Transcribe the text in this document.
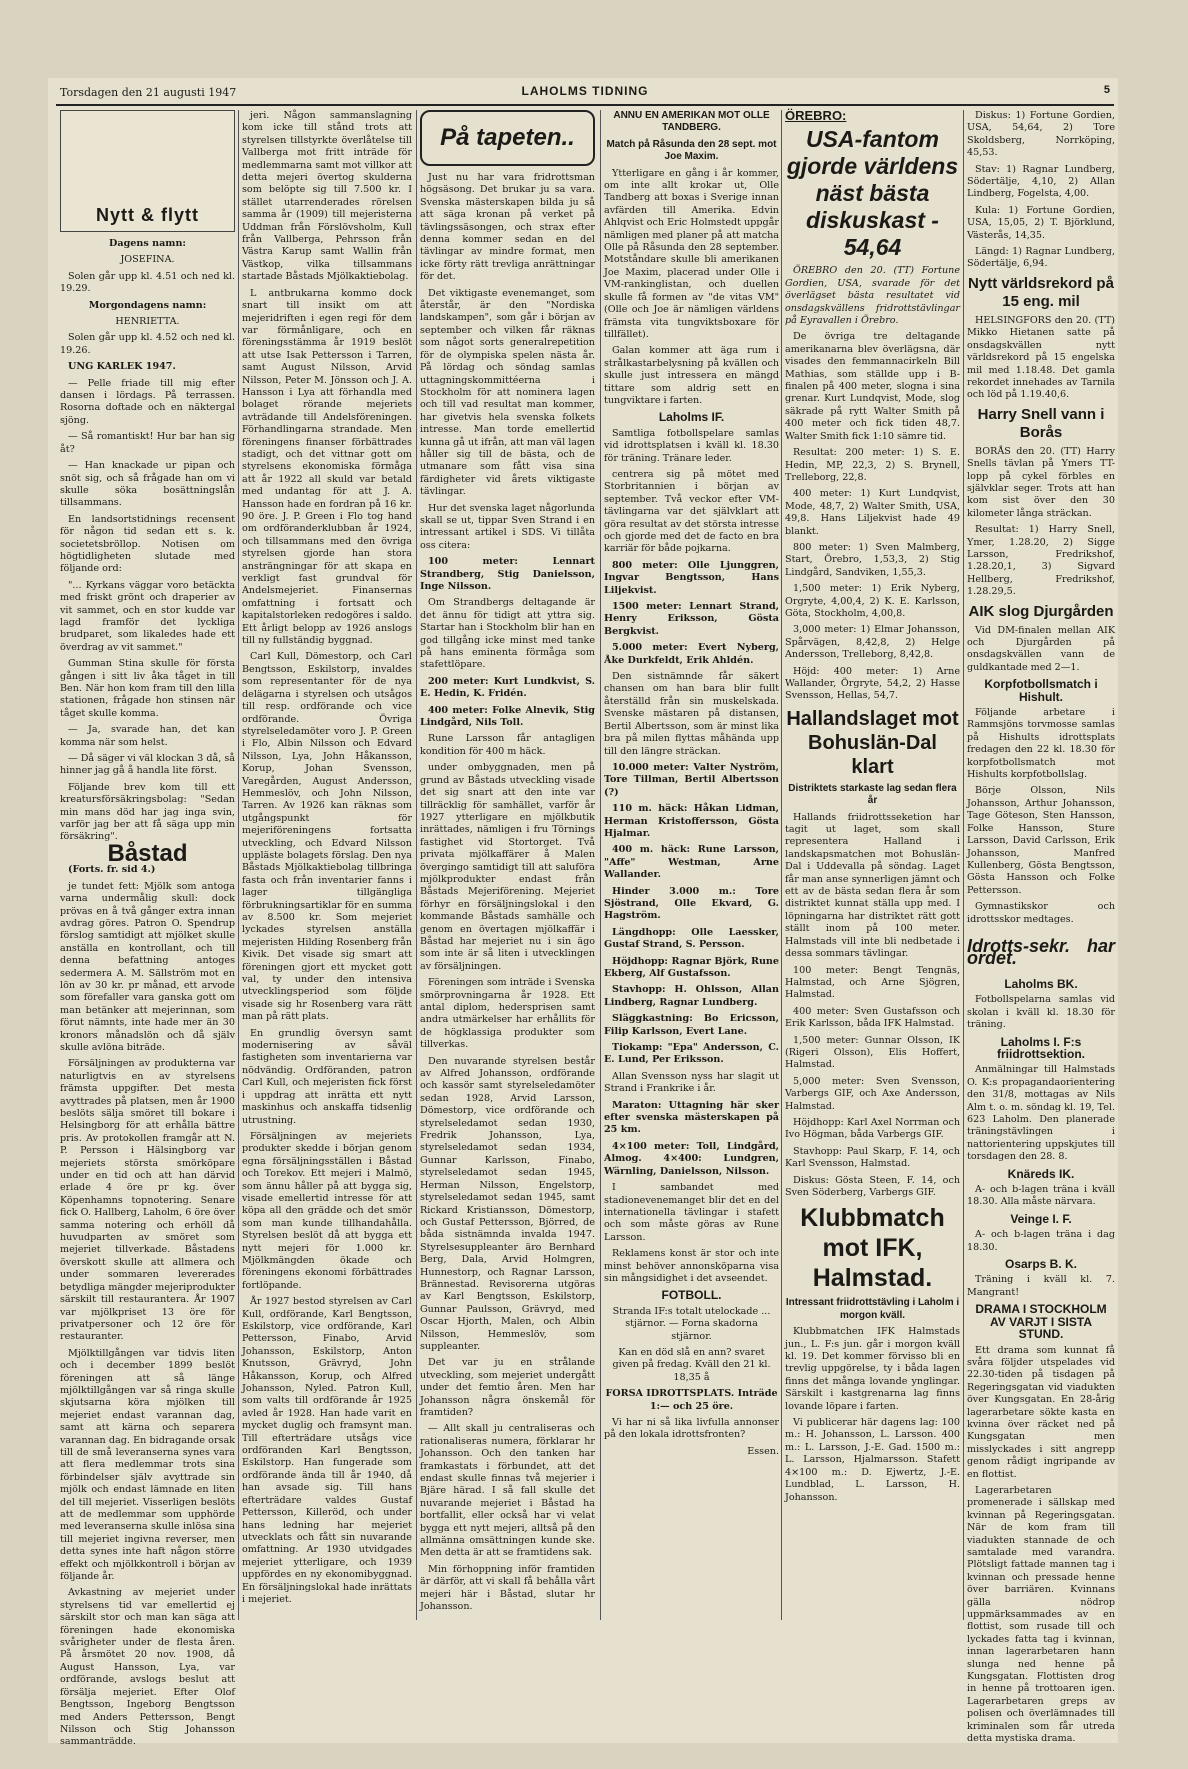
Torsdagen den 21 augusti 1947	LAHOLMS TIDNING	5
Nytt & flytt

Dagens namn:

JOSEFINA.

Solen går upp kl. 4.51 och ned kl. 19.29.

Morgondagens namn:

HENRIETTA.

Solen går upp kl. 4.52 och ned kl. 19.26.

UNG KARLEK 1947.

— Pelle friade till mig efter dansen i lördags. På terrassen. Rosorna doftade och en näktergal sjöng.

— Så romantiskt! Hur bar han sig åt?

— Han knackade ur pipan och snöt sig, och så frågade han om vi skulle söka bosättningslån tillsammans.

En landsortstidnings recensent för någon tid sedan ett s. k. societetsbröllop. Notisen om högtidligheten slutade med följande ord:

"... Kyrkans väggar voro betäckta med friskt grönt och draperier av vit sammet, och en stor kudde var lagd framför det lyckliga brudparet, som likaledes hade ett överdrag av vit sammet."

Gumman Stina skulle för första gången i sitt liv åka tåget in till Ben. När hon kom fram till den lilla stationen, frågade hon stinsen när tåget skulle komma.

— Ja, svarade han, det kan komma när som helst.

— Då säger vi väl klockan 3 då, så hinner jag gå å handla lite först.

Följande brev kom till ett kreatursförsäkringsbolag: "Sedan min mans död har jag inga svin, varför jag ber att få säga upp min försäkring".

Båstad

(Forts. fr. sid 4.)

je tundet fett: Mjölk som antoga varna undermålig skull: dock prövas en å två gånger extra innan avdrag göres. Patron O. Spendrup förslog samtidigt att mjölket skulle anställa en kontrollant, och till denna befattning antoges sedermera A. M. Sällström mot en lön av 30 kr. pr månad, ett arvode som förefaller vara ganska gott om man betänker att mejerinnan, som förut nämnts, inte hade mer än 30 kronors månadslön och då själv skulle avlöna biträde.

Försäljningen av produkterna var naturligtvis en av styrelsens främsta uppgifter. Det mesta avyttrades på platsen, men år 1900 beslöts sälja smöret till bokare i Helsingborg för att erhålla bättre pris. Av protokollen framgår att N. P. Persson i Hälsingborg var mejeriets största smörköpare under en tid och att han därvid erlade 4 öre pr kg. över Köpenhamns topnotering. Senare fick O. Hallberg, Laholm, 6 öre över samma notering och erhöll då huvudparten av smöret som mejeriet tillverkade. Båstadens överskott skulle att allmera och under sommaren levererades betydliga mängder mejeriprodukter särskilt till restaurantera. År 1907 var mjölkpriset 13 öre för privatpersoner och 12 öre för restauranter.

Mjölktillgången var tidvis liten och i december 1899 beslöt föreningen att så länge mjölktillgången var så ringa skulle skjutsarna köra mjölken till mejeriet endast varannan dag, samt att kärna och separera varannan dag. En bidragande orsak till de små leveranserna synes vara att flera medlemmar trots sina förbindelser själv avyttrade sin mjölk och endast lämnade en liten del till mejeriet. Visserligen beslöts att de medlemmar som upphörde med leveranserna skulle inlösa sina till mejeriet ingivna reverser, men detta synes inte haft någon större effekt och mjölkkontroll i början av följande år.

Avkastning av mejeriet under styrelsens tid var emellertid ej särskilt stor och man kan säga att föreningen hade ekonomiska svårigheter under de flesta åren. På årsmötet 20 nov. 1908, då August Hansson, Lya, var ordförande, avslogs beslut att försälja mejeriet. Efter Olof Bengtsson, Ingeborg Bengtsson med Anders Pettersson, Bengt Nilsson och Stig Johansson sammanträdde.

jeri. Någon sammanslagning kom icke till stånd trots att styrelsen tillstyrkte överlåtelse till Vallberga mot fritt inträde för medlemmarna samt mot villkor att detta mejeri övertog skulderna som belöpte sig till 7.500 kr. I stället utarrenderades rörelsen samma år (1909) till mejeristerna Uddman från Förslövsholm, Kull från Vallberga, Pehrsson från Västra Karup samt Wallin från Västkop, vilka tillsammans startade Båstads Mjölkaktiebolag.

L antbrukarna kommo dock snart till insikt om att mejeridriften i egen regi för dem var förmånligare, och en föreningsstämma år 1919 beslöt att utse Isak Pettersson i Tarren, samt August Nilsson, Arvid Nilsson, Peter M. Jönsson och J. A. Hansson i Lya att förhandla med bolaget rörande mejeriets avträdande till Andelsföreningen. Förhandlingarna strandade. Men föreningens finanser förbättrades stadigt, och det vittnar gott om styrelsens ekonomiska förmåga att år 1922 all skuld var betald med undantag för att J. A. Hansson hade en fordran på 16 kr. 90 öre. J. P. Green i Flo tog hand om ordföranderklubban år 1924, och tillsammans med den övriga styrelsen gjorde han stora ansträngningar för att skapa en verkligt fast grundval för Andelsmejeriet. Finansernas omfattning i fortsatt och kapitalstorleken redogöres i saldo. Ett årligt belopp av 1926 anslogs till ny fullständig byggnad.

Carl Kull, Dömestorp, och Carl Bengtsson, Eskilstorp, invaldes som representanter för de nya delägarna i styrelsen och utsågos till resp. ordförande och vice ordförande. Övriga styrelseledamöter voro J. P. Green i Flo, Albin Nilsson och Edvard Nilsson, Lya, John Håkansson, Korup, Johan Svensson, Varegården, August Andersson, Hemmeslöv, och John Nilsson, Tarren. Av 1926 kan räknas som utgångspunkt för mejeriföreningens fortsatta utveckling, och Edvard Nilsson uppläste bolagets förslag. Den nya Båstads Mjölkaktiebolag tillbringa fasta och från inventarier fanns i lager tillgängliga förbrukningsartiklar för en summa av 8.500 kr. Som mejeriet lyckades styrelsen anställa mejeristen Hilding Rosenberg från Kivik. Det visade sig smart att föreningen gjort ett mycket gott val, ty under den intensiva utvecklingsperiod som följde visade sig hr Rosenberg vara rätt man på rätt plats.

En grundlig översyn samt modernisering av såväl fastigheten som inventarierna var nödvändig. Ordföranden, patron Carl Kull, och mejeristen fick först i uppdrag att inrätta ett nytt maskinhus och anskaffa tidsenlig utrustning.

Försäljningen av mejeriets produkter skedde i början genom egna försäljningsställen i Båstad och Torekov. Ett mejeri i Malmö, som ännu håller på att bygga sig, visade emellertid intresse för att köpa all den grädde och det smör som man kunde tillhandahålla. Styrelsen beslöt då att bygga ett nytt mejeri för 1.000 kr. Mjölkmängden ökade och föreningens ekonomi förbättrades fortlöpande.

År 1927 bestod styrelsen av Carl Kull, ordförande, Karl Bengtsson, Eskilstorp, vice ordförande, Karl Pettersson, Finabo, Arvid Johansson, Eskilstorp, Anton Knutsson, Grävryd, John Håkansson, Korup, och Alfred Johansson, Nyled. Patron Kull, som valts till ordförande år 1925 avled år 1928. Han hade varit en mycket duglig och framsynt man. Till efterträdare utsågs vice ordföranden Karl Bengtsson, Eskilstorp. Han fungerade som ordförande ända till år 1940, då han avsade sig. Till hans efterträdare valdes Gustaf Pettersson, Killeröd, och under hans ledning har mejeriet utvecklats och fått sin nuvarande omfattning. Ar 1930 utvidgades mejeriet ytterligare, och 1939 uppfördes en ny ekonomibyggnad. En försäljningslokal hade inrättats i mejeriet.

På tapeten..

Just nu har vara fridrottsman högsäsong. Det brukar ju sa vara. Svenska mästerskapen bilda ju så att säga kronan på verket på tävlingssäsongen, och strax efter denna kommer sedan en del tävlingar av mindre format, men icke förty rätt trevliga anrättningar för det.

Det viktigaste evenemanget, som återstår, är den "Nordiska landskampen", som går i början av september och vilken får räknas som något sorts generalrepetition för de olympiska spelen nästa år. På lördag och söndag samlas uttagningskommittéerna i Stockholm för att nominera lagen och till vad resultat man kommer, har givetvis hela svenska folkets intresse. Man torde emellertid kunna gå ut ifrån, att man väl lagen håller sig till de bästa, och de utmanare som fått visa sina färdigheter vid årets viktigaste tävlingar.

Hur det svenska laget någorlunda skall se ut, tippar Sven Strand i en intressant artikel i SDS. Vi tillåta oss citera:

100 meter: Lennart Strandberg, Stig Danielsson, Inge Nilsson.

Om Strandbergs deltagande är det ännu för tidigt att yttra sig. Startar han i Stockholm blir han en god tillgång icke minst med tanke på hans eminenta förmåga som stafettlöpare.

200 meter: Kurt Lundkvist, S. E. Hedin, K. Fridén.

400 meter: Folke Alnevik, Stig Lindgård, Nils Toll.

Rune Larsson får antagligen kondition för 400 m häck.

under ombyggnaden, men på grund av Båstads utveckling visade det sig snart att den inte var tillräcklig för samhället, varför år 1927 ytterligare en mjölkbutik inrättades, nämligen i fru Törnings fastighet vid Stortorget. Två privata mjölkaffärer å Malen övergingo samtidigt till att saluföra mjölkprodukter endast från Båstads Mejeriförening. Mejeriet förhyr en försäljningslokal i den kommande Båstads samhälle och genom en övertagen mjölkaffär i Båstad har mejeriet nu i sin ägo som inte är så liten i utvecklingen av försäljningen.

Föreningen som inträde i Svenska smörprovningarna år 1928. Ett antal diplom, hedersprisen samt andra utmärkelser har erhållits för de högklassiga produkter som tillverkas.

Den nuvarande styrelsen består av Alfred Johansson, ordförande och kassör samt styrelseledamöter sedan 1928, Arvid Larsson, Dömestorp, vice ordförande och styrelseledamot sedan 1930, Fredrik Johansson, Lya, styrelseledamot sedan 1934, Gunnar Karlsson, Finabo, styrelseledamot sedan 1945, Herman Nilsson, Engelstorp, styrelseledamot sedan 1945, samt Rickard Kristiansson, Dömestorp, och Gustaf Pettersson, Björred, de båda sistnämnda invalda 1947. Styrelsesuppleanter äro Bernhard Berg, Dala, Arvid Holmgren, Hunnestorp, och Ragnar Larsson, Brännestad. Revisorerna utgöras av Karl Bengtsson, Eskilstorp, Gunnar Paulsson, Grävryd, med Oscar Hjorth, Malen, och Albin Nilsson, Hemmeslöv, som suppleanter.

Det var ju en strålande utveckling, som mejeriet undergått under det femtio åren. Men har Johansson några önskemål för framtiden?

— Allt skall ju centraliseras och rationaliseras numera, förklarar hr Johansson. Och den tanken har framkastats i förbundet, att det endast skulle finnas två mejerier i Bjäre härad. I så fall skulle det nuvarande mejeriet i Båstad ha bortfallit, eller också har vi velat bygga ett nytt mejeri, alltså på den allmänna omsättningen kunde ske. Men detta är att se framtidens sak.

Min förhoppning inför framtiden är därför, att vi skall få behålla vårt mejeri här i Båstad, slutar hr Johansson.

ANNU EN AMERIKAN MOT OLLE TANDBERG.

Match på Råsunda den 28 sept. mot Joe Maxim.

Ytterligare en gång i år kommer, om inte allt krokar ut, Olle Tandberg att boxas i Sverige innan avfärden till Amerika. Edvin Ahlqvist och Eric Holmstedt uppgår nämligen med planer på att matcha Olle på Råsunda den 28 september. Motståndare skulle bli amerikanen Joe Maxim, placerad under Olle i VM-rankinglistan, och duellen skulle få formen av "de vitas VM" (Olle och Joe är nämligen världens främsta vita tungviktsboxare för tillfället).

Galan kommer att äga rum i strålkastarbelysning på kvällen och skulle just intressera en mängd tittare som aldrig sett en tungviktare i farten.

Laholms IF.

Samtliga fotbollspelare samlas vid idrottsplatsen i kväll kl. 18.30 för träning. Tränare leder.

centrera sig på mötet med Storbritannien i början av september. Två veckor efter VM-tävlingarna var det självklart att göra resultat av det största intresse och gjorde med det de facto en bra karriär för både pojkarna.

800 meter: Olle Ljunggren, Ingvar Bengtsson, Hans Liljekvist.

1500 meter: Lennart Strand, Henry Eriksson, Gösta Bergkvist.

5.000 meter: Evert Nyberg, Åke Durkfeldt, Erik Ahldén.

Den sistnämnde får säkert chansen om han bara blir fullt återställd från sin muskelskada. Svenske mästaren på distansen, Bertil Albertsson, som är minst lika bra på milen flyttas måhända upp till den längre sträckan.

10.000 meter: Valter Nyström, Tore Tillman, Bertil Albertsson (?)

110 m. häck: Håkan Lidman, Herman Kristoffersson, Gösta Hjalmar.

400 m. häck: Rune Larsson, "Affe" Westman, Arne Wallander.

Hinder 3.000 m.: Tore Sjöstrand, Olle Ekvard, G. Hagström.

Längdhopp: Olle Laessker, Gustaf Strand, S. Persson.

Höjdhopp: Ragnar Björk, Rune Ekberg, Alf Gustafsson.

Stavhopp: H. Ohlsson, Allan Lindberg, Ragnar Lundberg.

Släggkastning: Bo Ericsson, Filip Karlsson, Evert Lane.

Tiokamp: "Epa" Andersson, C. E. Lund, Per Eriksson.

Allan Svensson nyss har slagit ut Strand i Frankrike i år.

Maraton: Uttagning här sker efter svenska mästerskapen på 25 km.

4×100 meter: Toll, Lindgård, Almog. 4×400: Lundgren, Wärnling, Danielsson, Nilsson.

I sambandet med stadionevenemanget blir det en del internationella tävlingar i stafett och som måste göras av Rune Larsson.

Reklamens konst är stor och inte minst behöver annonsköparna visa sin mångsidighet i det avseendet.

FOTBOLL.

Stranda IF:s totalt utelockade ... stjärnor. — Forna skadorna stjärnor.

Kan en död slå en ann? svaret given på fredag. Kväll den 21 kl. 18,35 å

FORSA IDROTTSPLATS. Inträde 1:— och 25 öre.

Vi har ni så lika livfulla annonser på den lokala idrottsfronten?

Essen.

ÖREBRO:

USA-fantom gjorde världens näst bästa diskuskast - 54,64

ÖREBRO den 20. (TT) Fortune Gordien, USA, svarade för det överlägset bästa resultatet vid onsdagskvällens fridrottstävlingar på Eyravallen i Örebro.

De övriga tre deltagande amerikanarna blev överlägsna, där visades den femmannacirkeln Bill Mathias, som ställde upp i B-finalen på 400 meter, slogna i sina grenar. Kurt Lundqvist, Mode, slog säkrade på rytt Walter Smith på 400 meter och fick tiden 48,7. Walter Smith fick 1:10 sämre tid.

Resultat: 200 meter: 1) S. E. Hedin, MP, 22,3, 2) S. Brynell, Trelleborg, 22,8.

400 meter: 1) Kurt Lundqvist, Mode, 48,7, 2) Walter Smith, USA, 49,8. Hans Liljekvist hade 49 blankt.

800 meter: 1) Sven Malmberg, Start, Örebro, 1,53,3, 2) Stig Lindgård, Sandviken, 1,55,3.

1,500 meter: 1) Erik Nyberg, Orgryte, 4,00,4, 2) K. E. Karlsson, Göta, Stockholm, 4,00,8.

3,000 meter: 1) Elmar Johansson, Spårvägen, 8,42,8, 2) Helge Andersson, Trelleborg, 8,42,8.

Höjd: 400 meter: 1) Arne Wallander, Örgryte, 54,2, 2) Hasse Svensson, Hellas, 54,7.

Hallandslaget mot Bohuslän-Dal klart

Distriktets starkaste lag sedan flera år

Hallands friidrottsseketion har tagit ut laget, som skall representera Halland i landskapsmatchen mot Bohuslän-Dal i Uddevalla på söndag. Laget får man anse synnerligen jämnt och ett av de bästa sedan flera år som distriktet kunnat ställa upp med. I löpningarna har distriktet rätt gott ställt inom på 100 meter. Halmstads vill inte bli nedbetade i dessa sommars tävlingar.

100 meter: Bengt Tengnäs, Halmstad, och Arne Sjögren, Halmstad.

400 meter: Sven Gustafsson och Erik Karlsson, båda IFK Halmstad.

1,500 meter: Gunnar Olsson, IK (Rigeri Olsson), Elis Hoffert, Halmstad.

5,000 meter: Sven Svensson, Varbergs GIF, och Axe Andersson, Halmstad.

Höjdhopp: Karl Axel Norrman och Ivo Högman, båda Varbergs GIF.

Stavhopp: Paul Skarp, F. 14, och Karl Svensson, Halmstad.

Diskus: Gösta Steen, F. 14, och Sven Söderberg, Varbergs GIF.

Klubbmatch mot IFK, Halmstad.

Intressant friidrottstävling i Laholm i morgon kväll.

Klubbmatchen IFK Halmstads jun., L. F:s jun. går i morgon kväll kl. 19. Det kommer förvisso bli en trevlig uppgörelse, ty i båda lagen finns det många lovande ynglingar. Särskilt i kastgrenarna lag finns lovande löpare i farten.

Vi publicerar här dagens lag: 100 m.: H. Johansson, L. Larsson. 400 m.: L. Larsson, J.-E. Gad. 1500 m.: L. Larsson, Hjalmarsson. Stafett 4×100 m.: D. Ejwertz, J.-E. Lundblad, L. Larsson, H. Johansson.

Diskus: 1) Fortune Gordien, USA, 54,64, 2) Tore Skoldsberg, Norrköping, 45,53.

Stav: 1) Ragnar Lundberg, Södertälje, 4,10, 2) Allan Lindberg, Fogelsta, 4,00.

Kula: 1) Fortune Gordien, USA, 15,05, 2) T. Björklund, Västerås, 14,35.

Längd: 1) Ragnar Lundberg, Södertälje, 6,94.

Nytt världsrekord på 15 eng. mil

HELSINGFORS den 20. (TT) Mikko Hietanen satte på onsdagskvällen nytt världsrekord på 15 engelska mil med 1.18.48. Det gamla rekordet innehades av Tarnila och löd på 1.19.40,6.

Harry Snell vann i Borås

BORÅS den 20. (TT) Harry Snells tävlan på Ymers TT-lopp på cykel förbles en självklar seger. Trots att han kom sist över den 30 kilometer långa sträckan.

Resultat: 1) Harry Snell, Ymer, 1.28.20, 2) Sigge Larsson, Fredrikshof, 1.28.20,1, 3) Sigvard Hellberg, Fredrikshof, 1.28.29,5.

AIK slog Djurgården

Vid DM-finalen mellan AIK och Djurgården på onsdagskvällen vann de guldkantade med 2—1.

Korpfotbollsmatch i Hishult.

Följande arbetare i Rammsjöns torvmosse samlas på Hishults idrottsplats fredagen den 22 kl. 18.30 för korpfotbollsmatch mot Hishults korpfotbollslag.

Börje Olsson, Nils Johansson, Arthur Johansson, Tage Göteson, Sten Hansson, Folke Hansson, Sture Larsson, David Carlsson, Erik Johansson, Manfred Kullenberg, Gösta Bengtsson, Gösta Hansson och Folke Pettersson.

Gymnastikskor och idrottsskor medtages.

Idrotts-sekr. har ordet.

Laholms BK.

Fotbollspelarna samlas vid skolan i kväll kl. 18.30 för träning.

Laholms I. F:s friidrottsektion.

Anmälningar till Halmstads O. K:s propagandaorientering den 31/8, mottagas av Nils Alm t. o. m. söndag kl. 19, Tel. 623 Laholm. Den planerade träningstävlingen i nattorientering uppskjutes till torsdagen den 28. 8.

Knäreds IK.

A- och b-lagen träna i kväll 18.30. Alla måste närvara.

Veinge I. F.

A- och b-lagen träna i dag 18.30.

Osarps B. K.

Träning i kväll kl. 7. Mangrant!

DRAMA I STOCKHOLM AV VARJT I SISTA STUND.

Ett drama som kunnat få svåra följder utspelades vid 22.30-tiden på tisdagen på Regeringsgatan vid viadukten över Kungsgatan. En 28-årig lagerarbetare sökte kasta en kvinna över räcket ned på Kungsgatan men misslyckades i sitt angrepp genom rådigt ingripande av en flottist.

Lagerarbetaren promenerade i sällskap med kvinnan på Regeringsgatan. När de kom fram till viadukten stannade de och samtalade med varandra. Plötsligt fattade mannen tag i kvinnan och pressade henne över barriären. Kvinnans gälla nödrop uppmärksammades av en flottist, som rusade till och lyckades fatta tag i kvinnan, innan lagerarbetaren hann slunga ned henne på Kungsgatan. Flottisten drog in henne på trottoaren igen. Lagerarbetaren greps av polisen och överlämnades till kriminalen som får utreda detta mystiska drama.
